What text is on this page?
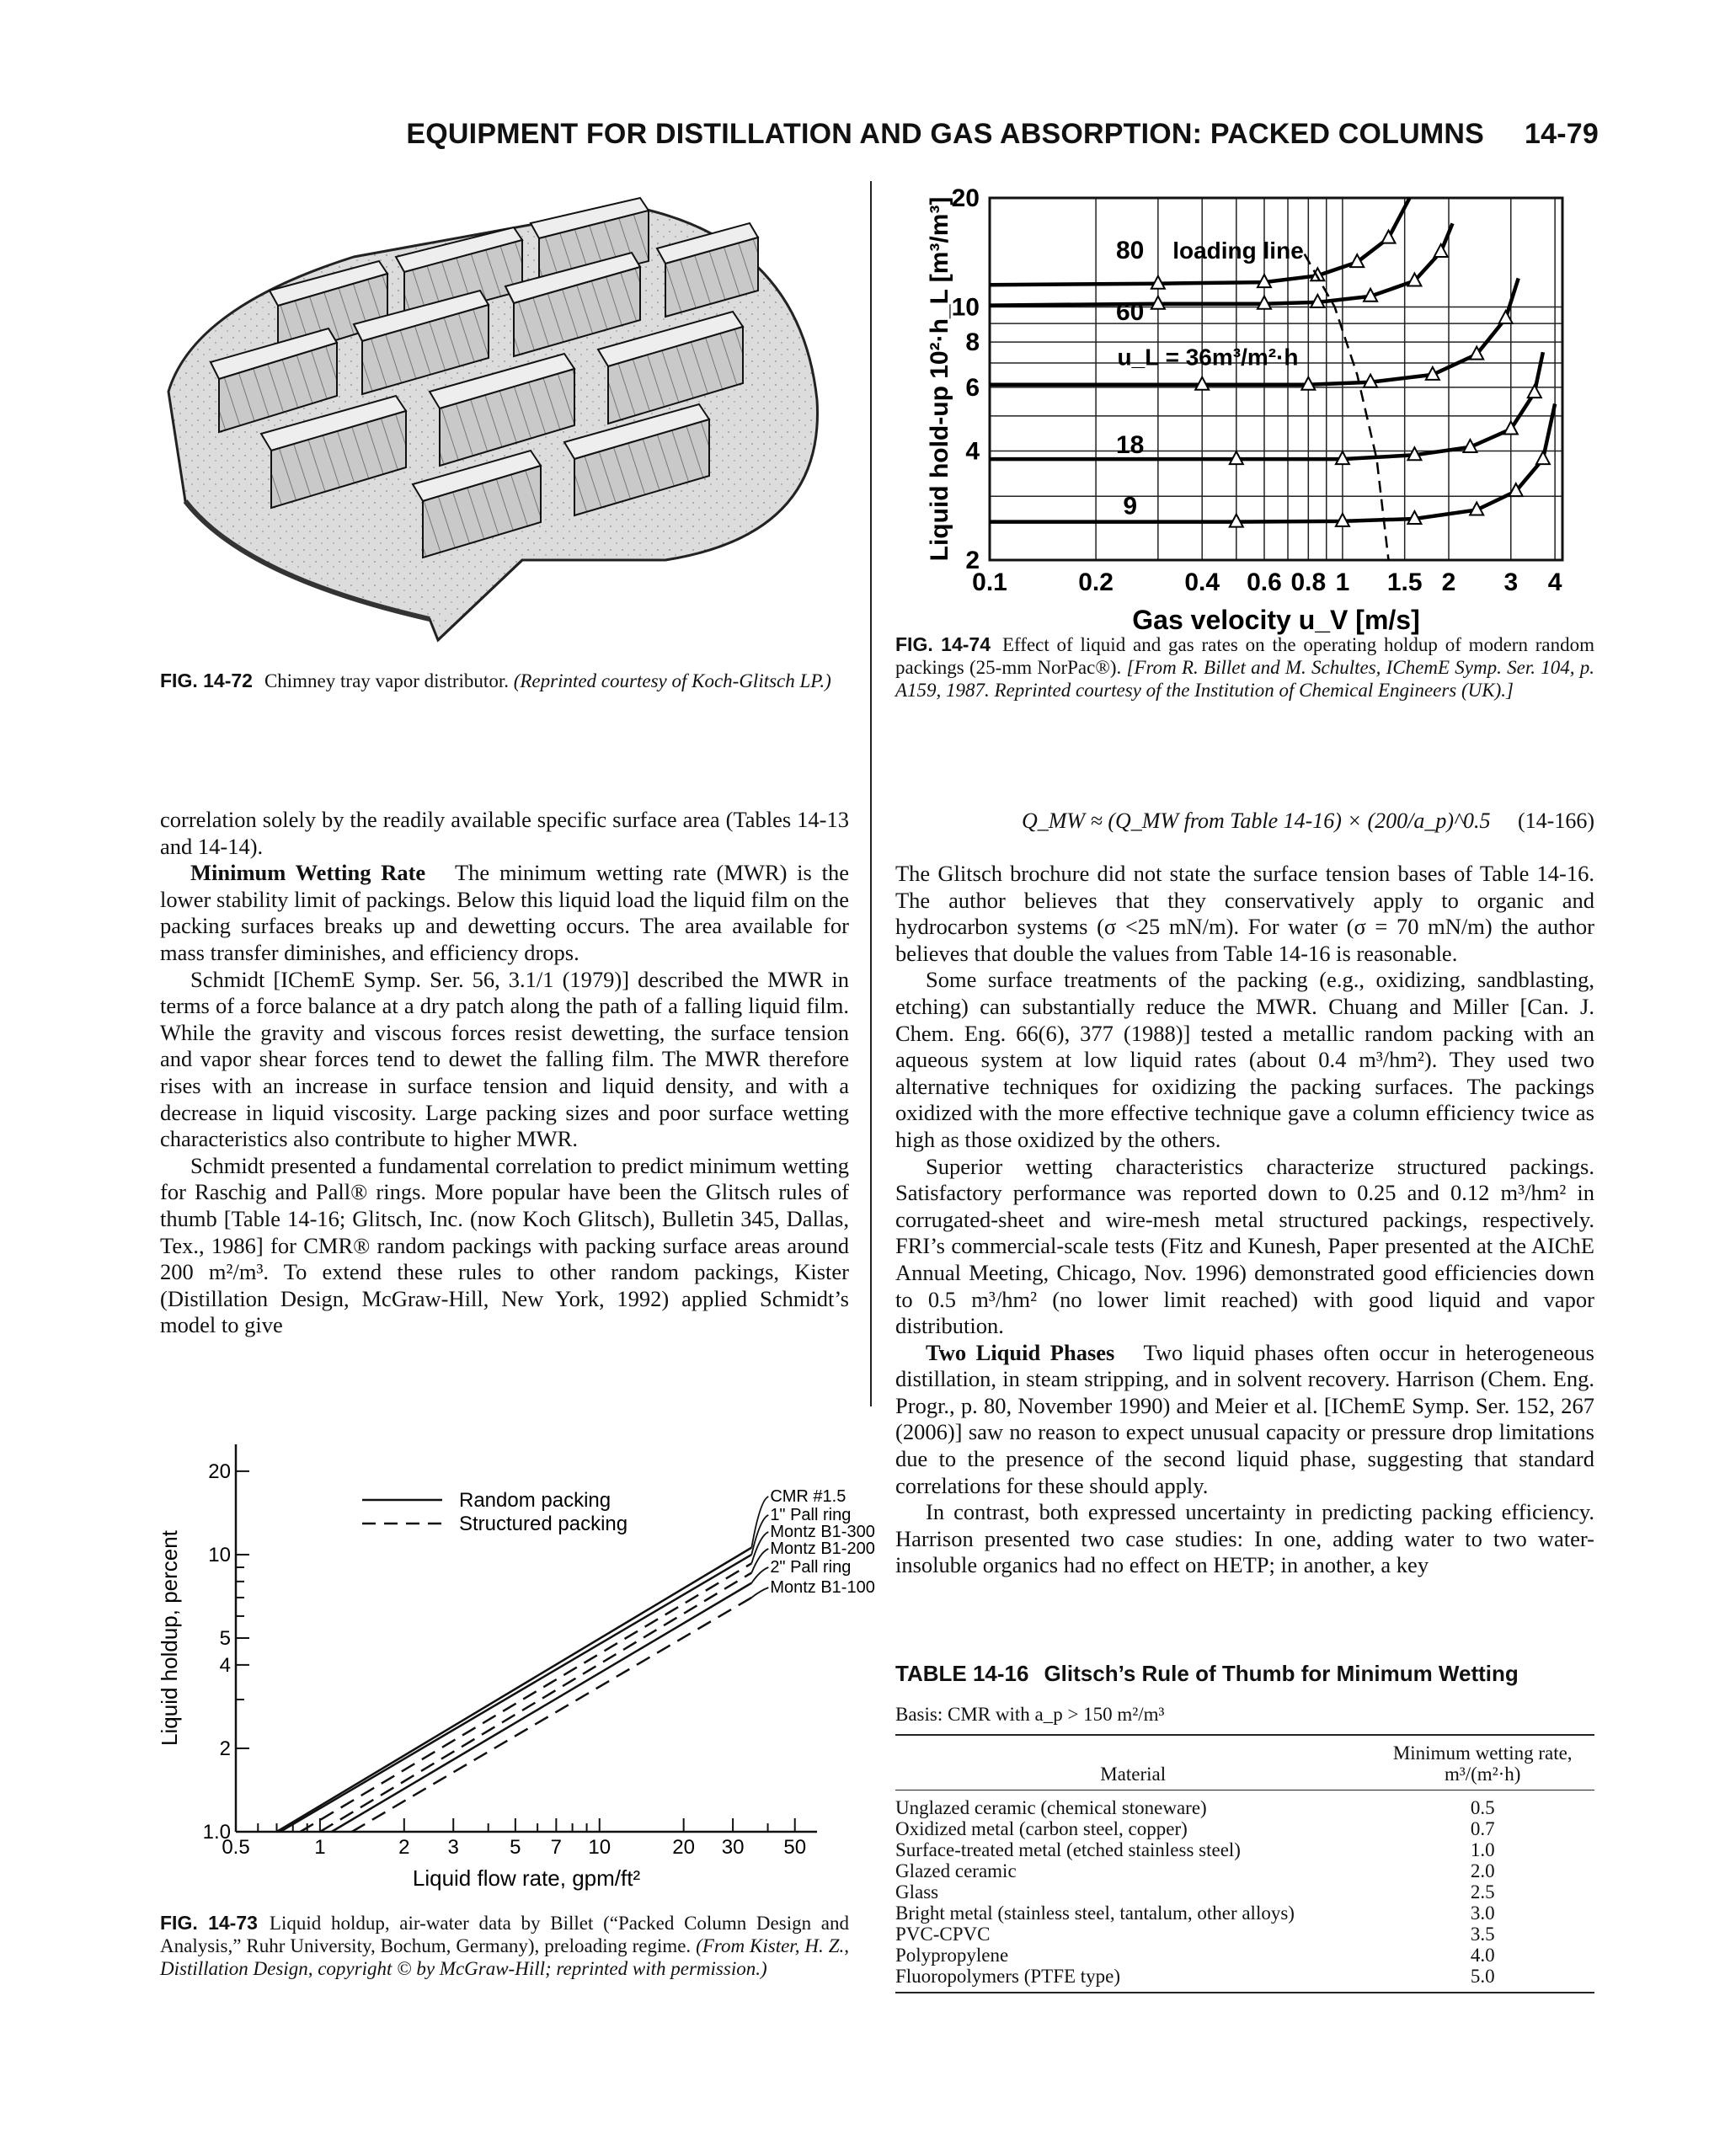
EQUIPMENT FOR DISTILLATION AND GAS ABSORPTION: PACKED COLUMNS 14-79
FIG. 14-72 Chimney tray vapor distributor. (Reprinted courtesy of Koch-Glitsch LP.)
0.1	0.2	0.4 0.6 0.8 1 1.5 2 3 4
2
4
6
8
10
20
Gas velocity u_V [m/s]
Liquid hold-up 10²·h_L [m³/m³]	80
60
18
9
u_L = 36m³/m²·h
loading line
FIG. 14-74 Effect of liquid and gas rates on the operating holdup of modern random packings (25-mm NorPac®). [From R. Billet and M. Schultes, IChemE Symp. Ser. 104, p. A159, 1987. Reprinted courtesy of the Institution of Chemical Engineers (UK).]

correlation solely by the readily available specific surface area (Tables 14-13 and 14-14).

Minimum Wetting Rate The minimum wetting rate (MWR) is the lower stability limit of packings. Below this liquid load the liquid film on the packing surfaces breaks up and dewetting occurs. The area available for mass transfer diminishes, and efficiency drops.

Schmidt [IChemE Symp. Ser. 56, 3.1/1 (1979)] described the MWR in terms of a force balance at a dry patch along the path of a falling liquid film. While the gravity and viscous forces resist dewetting, the surface tension and vapor shear forces tend to dewet the falling film. The MWR therefore rises with an increase in surface tension and liquid density, and with a decrease in liquid viscosity. Large packing sizes and poor surface wetting characteristics also contribute to higher MWR.

Schmidt presented a fundamental correlation to predict minimum wetting for Raschig and Pall® rings. More popular have been the Glitsch rules of thumb [Table 14-16; Glitsch, Inc. (now Koch Glitsch), Bulletin 345, Dallas, Tex., 1986] for CMR® random packings with packing surface areas around 200 m²/m³. To extend these rules to other random packings, Kister (Distillation Design, McGraw-Hill, New York, 1992) applied Schmidt’s model to give

0.5	1	2 3	5 7 10	20 30 50
1.0
2
4
5
10
20
Liquid flow rate, gpm/ft²
Liquid holdup, percent
Random packing
Structured packing
CMR #1.5
1" Pall ring
Montz B1-300
Montz B1-200
2" Pall ring
Montz B1-100
FIG. 14-73 Liquid holdup, air-water data by Billet (“Packed Column Design and Analysis,” Ruhr University, Bochum, Germany), preloading regime. (From Kister, H. Z., Distillation Design, copyright © by McGraw-Hill; reprinted with permission.)
Q_MW ≈ (Q_MW from Table 14-16) × (200/a_p)^0.5 (14-166)

The Glitsch brochure did not state the surface tension bases of Table 14-16. The author believes that they conservatively apply to organic and hydrocarbon systems (σ <25 mN/m). For water (σ = 70 mN/m) the author believes that double the values from Table 14-16 is reasonable.

Some surface treatments of the packing (e.g., oxidizing, sandblasting, etching) can substantially reduce the MWR. Chuang and Miller [Can. J. Chem. Eng. 66(6), 377 (1988)] tested a metallic random packing with an aqueous system at low liquid rates (about 0.4 m³/hm²). They used two alternative techniques for oxidizing the packing surfaces. The packings oxidized with the more effective technique gave a column efficiency twice as high as those oxidized by the others.

Superior wetting characteristics characterize structured packings. Satisfactory performance was reported down to 0.25 and 0.12 m³/hm² in corrugated-sheet and wire-mesh metal structured packings, respectively. FRI’s commercial-scale tests (Fitz and Kunesh, Paper presented at the AIChE Annual Meeting, Chicago, Nov. 1996) demonstrated good efficiencies down to 0.5 m³/hm² (no lower limit reached) with good liquid and vapor distribution.

Two Liquid Phases Two liquid phases often occur in heterogeneous distillation, in steam stripping, and in solvent recovery. Harrison (Chem. Eng. Progr., p. 80, November 1990) and Meier et al. [IChemE Symp. Ser. 152, 267 (2006)] saw no reason to expect unusual capacity or pressure drop limitations due to the presence of the second liquid phase, suggesting that standard correlations for these should apply.

In contrast, both expressed uncertainty in predicting packing efficiency. Harrison presented two case studies: In one, adding water to two water-insoluble organics had no effect on HETP; in another, a key

TABLE 14-16 Glitsch’s Rule of Thumb for Minimum Wetting
Basis: CMR with a_p > 150 m²/m³
Material	Minimum wetting rate,
m³/(m²·h)
Unglazed ceramic (chemical stoneware)	0.5
Oxidized metal (carbon steel, copper)	0.7
Surface-treated metal (etched stainless steel)	1.0
Glazed ceramic	2.0
Glass	2.5
Bright metal (stainless steel, tantalum, other alloys)	3.0
PVC-CPVC	3.5
Polypropylene	4.0
Fluoropolymers (PTFE type)	5.0
